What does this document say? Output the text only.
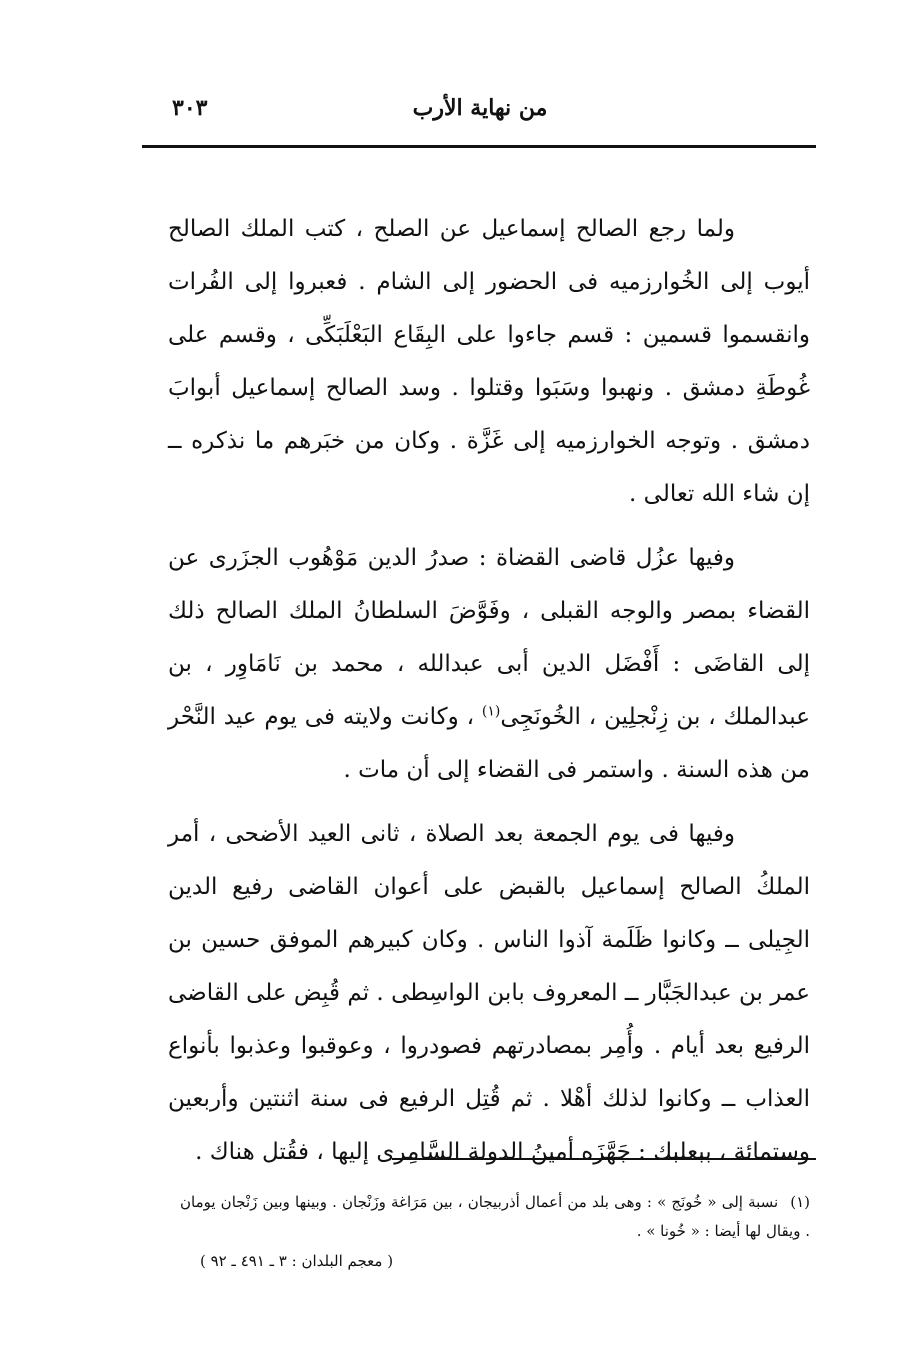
من نهاية الأرب
٣٠٣

ولما رجع الصالح إسماعيل عن الصلح ، كتب الملك الصالح أيوب إلى الخُوارزميه فى الحضور إلى الشام . فعبروا إلى الفُرات وانقسموا قسمين : قسم جاءوا على البِقَاع البَعْلَبَكِّى ، وقسم على غُوطَةِ دمشق . ونهبوا وسَبَوا وقتلوا . وسد الصالح إسماعيل أبوابَ دمشق . وتوجه الخوارزميه إلى غَزَّة . وكان من خبَرهم ما نذكره ــ إن شاء الله تعالى .

وفيها عزُل قاضى القضاة : صدرُ الدين مَوْهُوب الجزَرى عن القضاء بمصر والوجه القبلى ، وفَوَّضَ السلطانُ الملك الصالح ذلك إلى القاضَى : أَفْضَل الدين أبى عبدالله ، محمد بن نَامَاوِر ، بن عبدالملك ، بن زِنْجلِين ، الخُونَجِى$^{(١)}$ ، وكانت ولايته فى يوم عيد النَّحْر من هذه السنة . واستمر فى القضاء إلى أن مات .

وفيها فى يوم الجمعة بعد الصلاة ، ثانى العيد الأضحى ، أمر الملكُ الصالح إسماعيل بالقبض على أعوان القاضى رفيع الدين الجِيلى ــ وكانوا ظَلَمة آذوا الناس . وكان كبيرهم الموفق حسين بن عمر بن عبدالجَبَّار ــ المعروف بابن الواسِطى . ثم قُبِض على القاضى الرفيع بعد أيام . وأُمِر بمصادرتهم فصودروا ، وعوقبوا وعذبوا بأنواع العذاب ــ وكانوا لذلك أهْلا . ثم قُتِل الرفيع فى سنة اثنتين وأربعين وستمائة ، ببعلبك : جَهَّزَه أمينُ الدولة السَّامِرى إليها ، فقُتل هناك .

(١)نسبة إلى « خُونَج » : وهى بلد من أعمال أذربيجان ، بين مَرَاغة وزَنْجان . وبينها وبين زَنْجان يومان . ويقال لها أيضا : « خُونا » .
( معجم البلدان : ٣ ـ ٤٩١ ـ ٩٢ )
